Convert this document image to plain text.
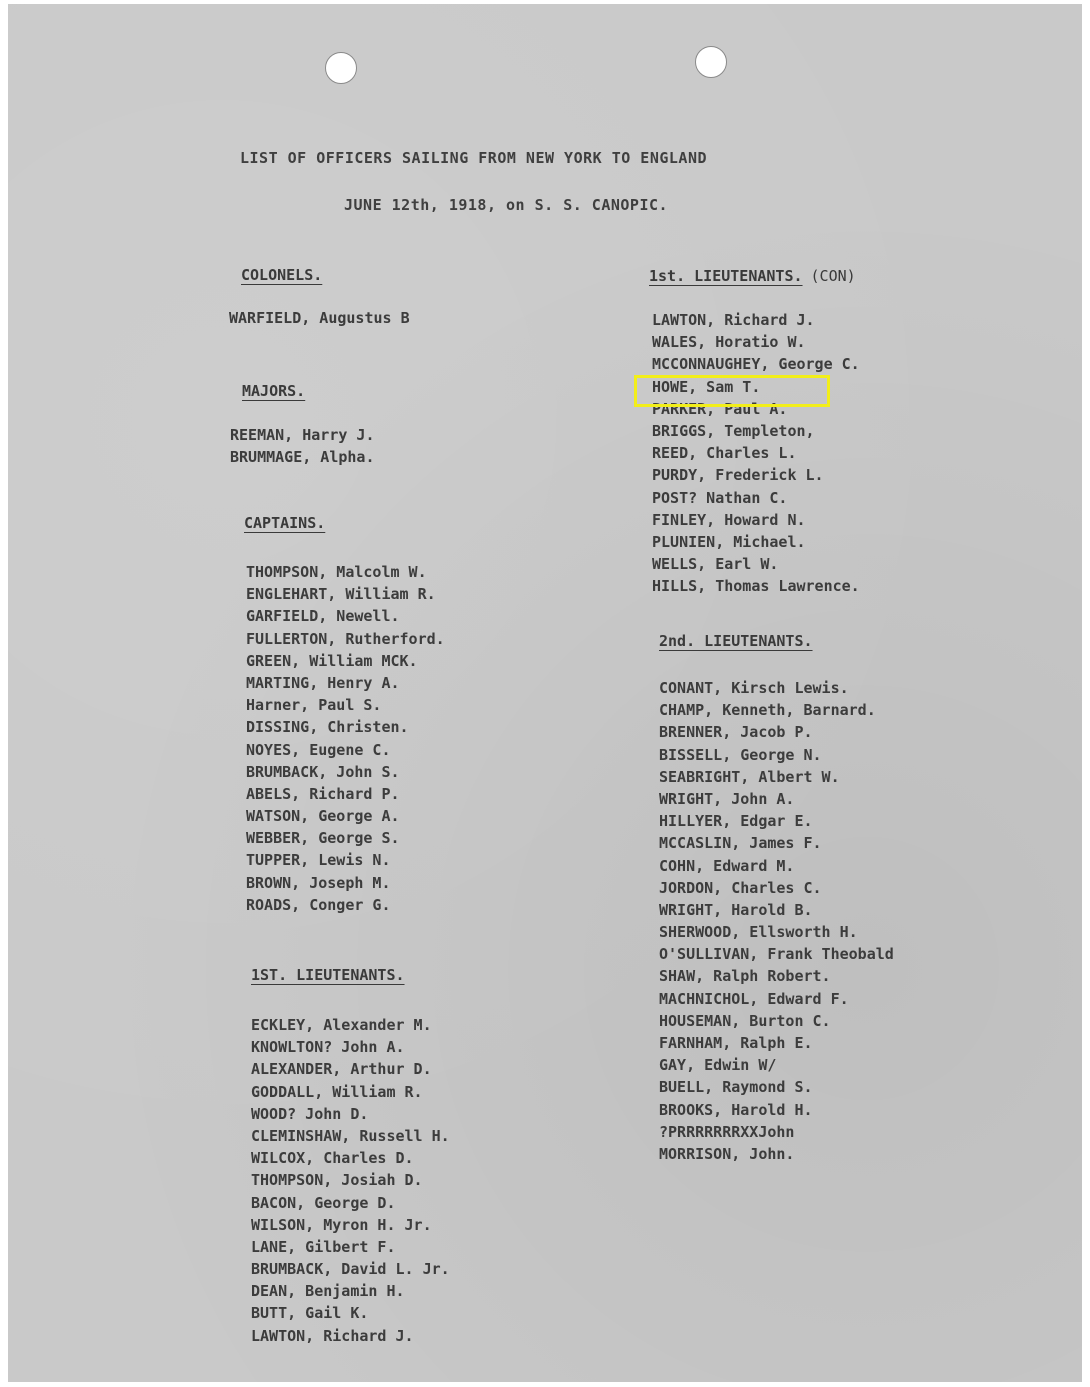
LIST OF OFFICERS SAILING FROM NEW YORK TO ENGLAND

JUNE 12th, 1918, on S. S. CANOPIC.

COLONELS.

WARFIELD, Augustus B

MAJORS.

REEMAN, Harry J.
BRUMMAGE, Alpha.

CAPTAINS.

THOMPSON, Malcolm W.
ENGLEHART, William R.
GARFIELD, Newell.
FULLERTON, Rutherford.
GREEN, William MCK.
MARTING, Henry A.
Harner, Paul S.
DISSING, Christen.
NOYES, Eugene C.
BRUMBACK, John S.
ABELS, Richard P.
WATSON, George A.
WEBBER, George S.
TUPPER, Lewis N.
BROWN, Joseph M.
ROADS, Conger G.

1ST. LIEUTENANTS.

ECKLEY, Alexander M.
KNOWLTON? John A.
ALEXANDER, Arthur D.
GODDALL, William R.
WOOD? John D.
CLEMINSHAW, Russell H.
WILCOX, Charles D.
THOMPSON, Josiah D.
BACON, George D.
WILSON, Myron H. Jr.
LANE, Gilbert F.
BRUMBACK, David L. Jr.
DEAN, Benjamin H.
BUTT, Gail K.
LAWTON, Richard J.

1st. LIEUTENANTS. (CON)

LAWTON, Richard J.
WALES, Horatio W.
MCCONNAUGHEY, George C.
HOWE, Sam T.
PARKER, Paul A.
BRIGGS, Templeton,
REED, Charles L.
PURDY, Frederick L.
POST? Nathan C.
FINLEY, Howard N.
PLUNIEN, Michael.
WELLS, Earl W.
HILLS, Thomas Lawrence.

2nd. LIEUTENANTS.

CONANT, Kirsch Lewis.
CHAMP, Kenneth, Barnard.
BRENNER, Jacob P.
BISSELL, George N.
SEABRIGHT, Albert W.
WRIGHT, John A.
HILLYER, Edgar E.
MCCASLIN, James F.
COHN, Edward M.
JORDON, Charles C.
WRIGHT, Harold B.
SHERWOOD, Ellsworth H.
O'SULLIVAN, Frank Theobald
SHAW, Ralph Robert.
MACHNICHOL, Edward F.
HOUSEMAN, Burton C.
FARNHAM, Ralph E.
GAY, Edwin W/
BUELL, Raymond S.
BROOKS, Harold H.
?PRRRRRRRXXJohn
MORRISON, John.
